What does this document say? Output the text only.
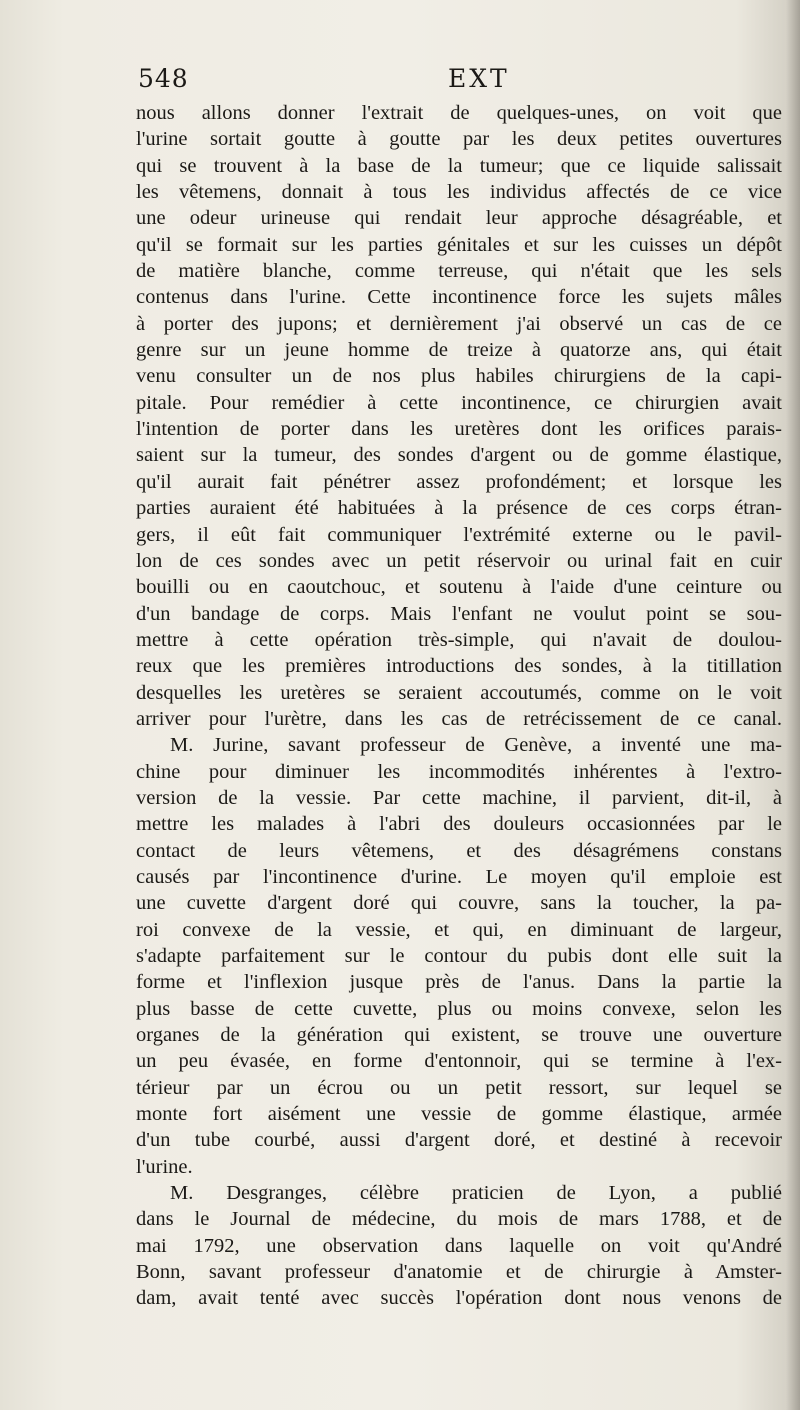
548	EXT
nous allons donner l'extrait de quelques-unes, on voit que
l'urine sortait goutte à goutte par les deux petites ouvertures
qui se trouvent à la base de la tumeur; que ce liquide salissait
les vêtemens, donnait à tous les individus affectés de ce vice
une odeur urineuse qui rendait leur approche désagréable, et
qu'il se formait sur les parties génitales et sur les cuisses un dépôt
de matière blanche, comme terreuse, qui n'était que les sels
contenus dans l'urine. Cette incontinence force les sujets mâles
à porter des jupons; et dernièrement j'ai observé un cas de ce
genre sur un jeune homme de treize à quatorze ans, qui était
venu consulter un de nos plus habiles chirurgiens de la capi-
pitale. Pour remédier à cette incontinence, ce chirurgien avait
l'intention de porter dans les uretères dont les orifices parais-
saient sur la tumeur, des sondes d'argent ou de gomme élastique,
qu'il aurait fait pénétrer assez profondément; et lorsque les
parties auraient été habituées à la présence de ces corps étran-
gers, il eût fait communiquer l'extrémité externe ou le pavil-
lon de ces sondes avec un petit réservoir ou urinal fait en cuir
bouilli ou en caoutchouc, et soutenu à l'aide d'une ceinture ou
d'un bandage de corps. Mais l'enfant ne voulut point se sou-
mettre à cette opération très-simple, qui n'avait de doulou-
reux que les premières introductions des sondes, à la titillation
desquelles les uretères se seraient accoutumés, comme on le voit
arriver pour l'urètre, dans les cas de retrécissement de ce canal.
M. Jurine, savant professeur de Genève, a inventé une ma-
chine pour diminuer les incommodités inhérentes à l'extro-
version de la vessie. Par cette machine, il parvient, dit-il, à
mettre les malades à l'abri des douleurs occasionnées par le
contact de leurs vêtemens, et des désagrémens constans
causés par l'incontinence d'urine. Le moyen qu'il emploie est
une cuvette d'argent doré qui couvre, sans la toucher, la pa-
roi convexe de la vessie, et qui, en diminuant de largeur,
s'adapte parfaitement sur le contour du pubis dont elle suit la
forme et l'inflexion jusque près de l'anus. Dans la partie la
plus basse de cette cuvette, plus ou moins convexe, selon les
organes de la génération qui existent, se trouve une ouverture
un peu évasée, en forme d'entonnoir, qui se termine à l'ex-
térieur par un écrou ou un petit ressort, sur lequel se
monte fort aisément une vessie de gomme élastique, armée
d'un tube courbé, aussi d'argent doré, et destiné à recevoir
l'urine.
M. Desgranges, célèbre praticien de Lyon, a publié
dans le Journal de médecine, du mois de mars 1788, et de
mai 1792, une observation dans laquelle on voit qu'André
Bonn, savant professeur d'anatomie et de chirurgie à Amster-
dam, avait tenté avec succès l'opération dont nous venons de
